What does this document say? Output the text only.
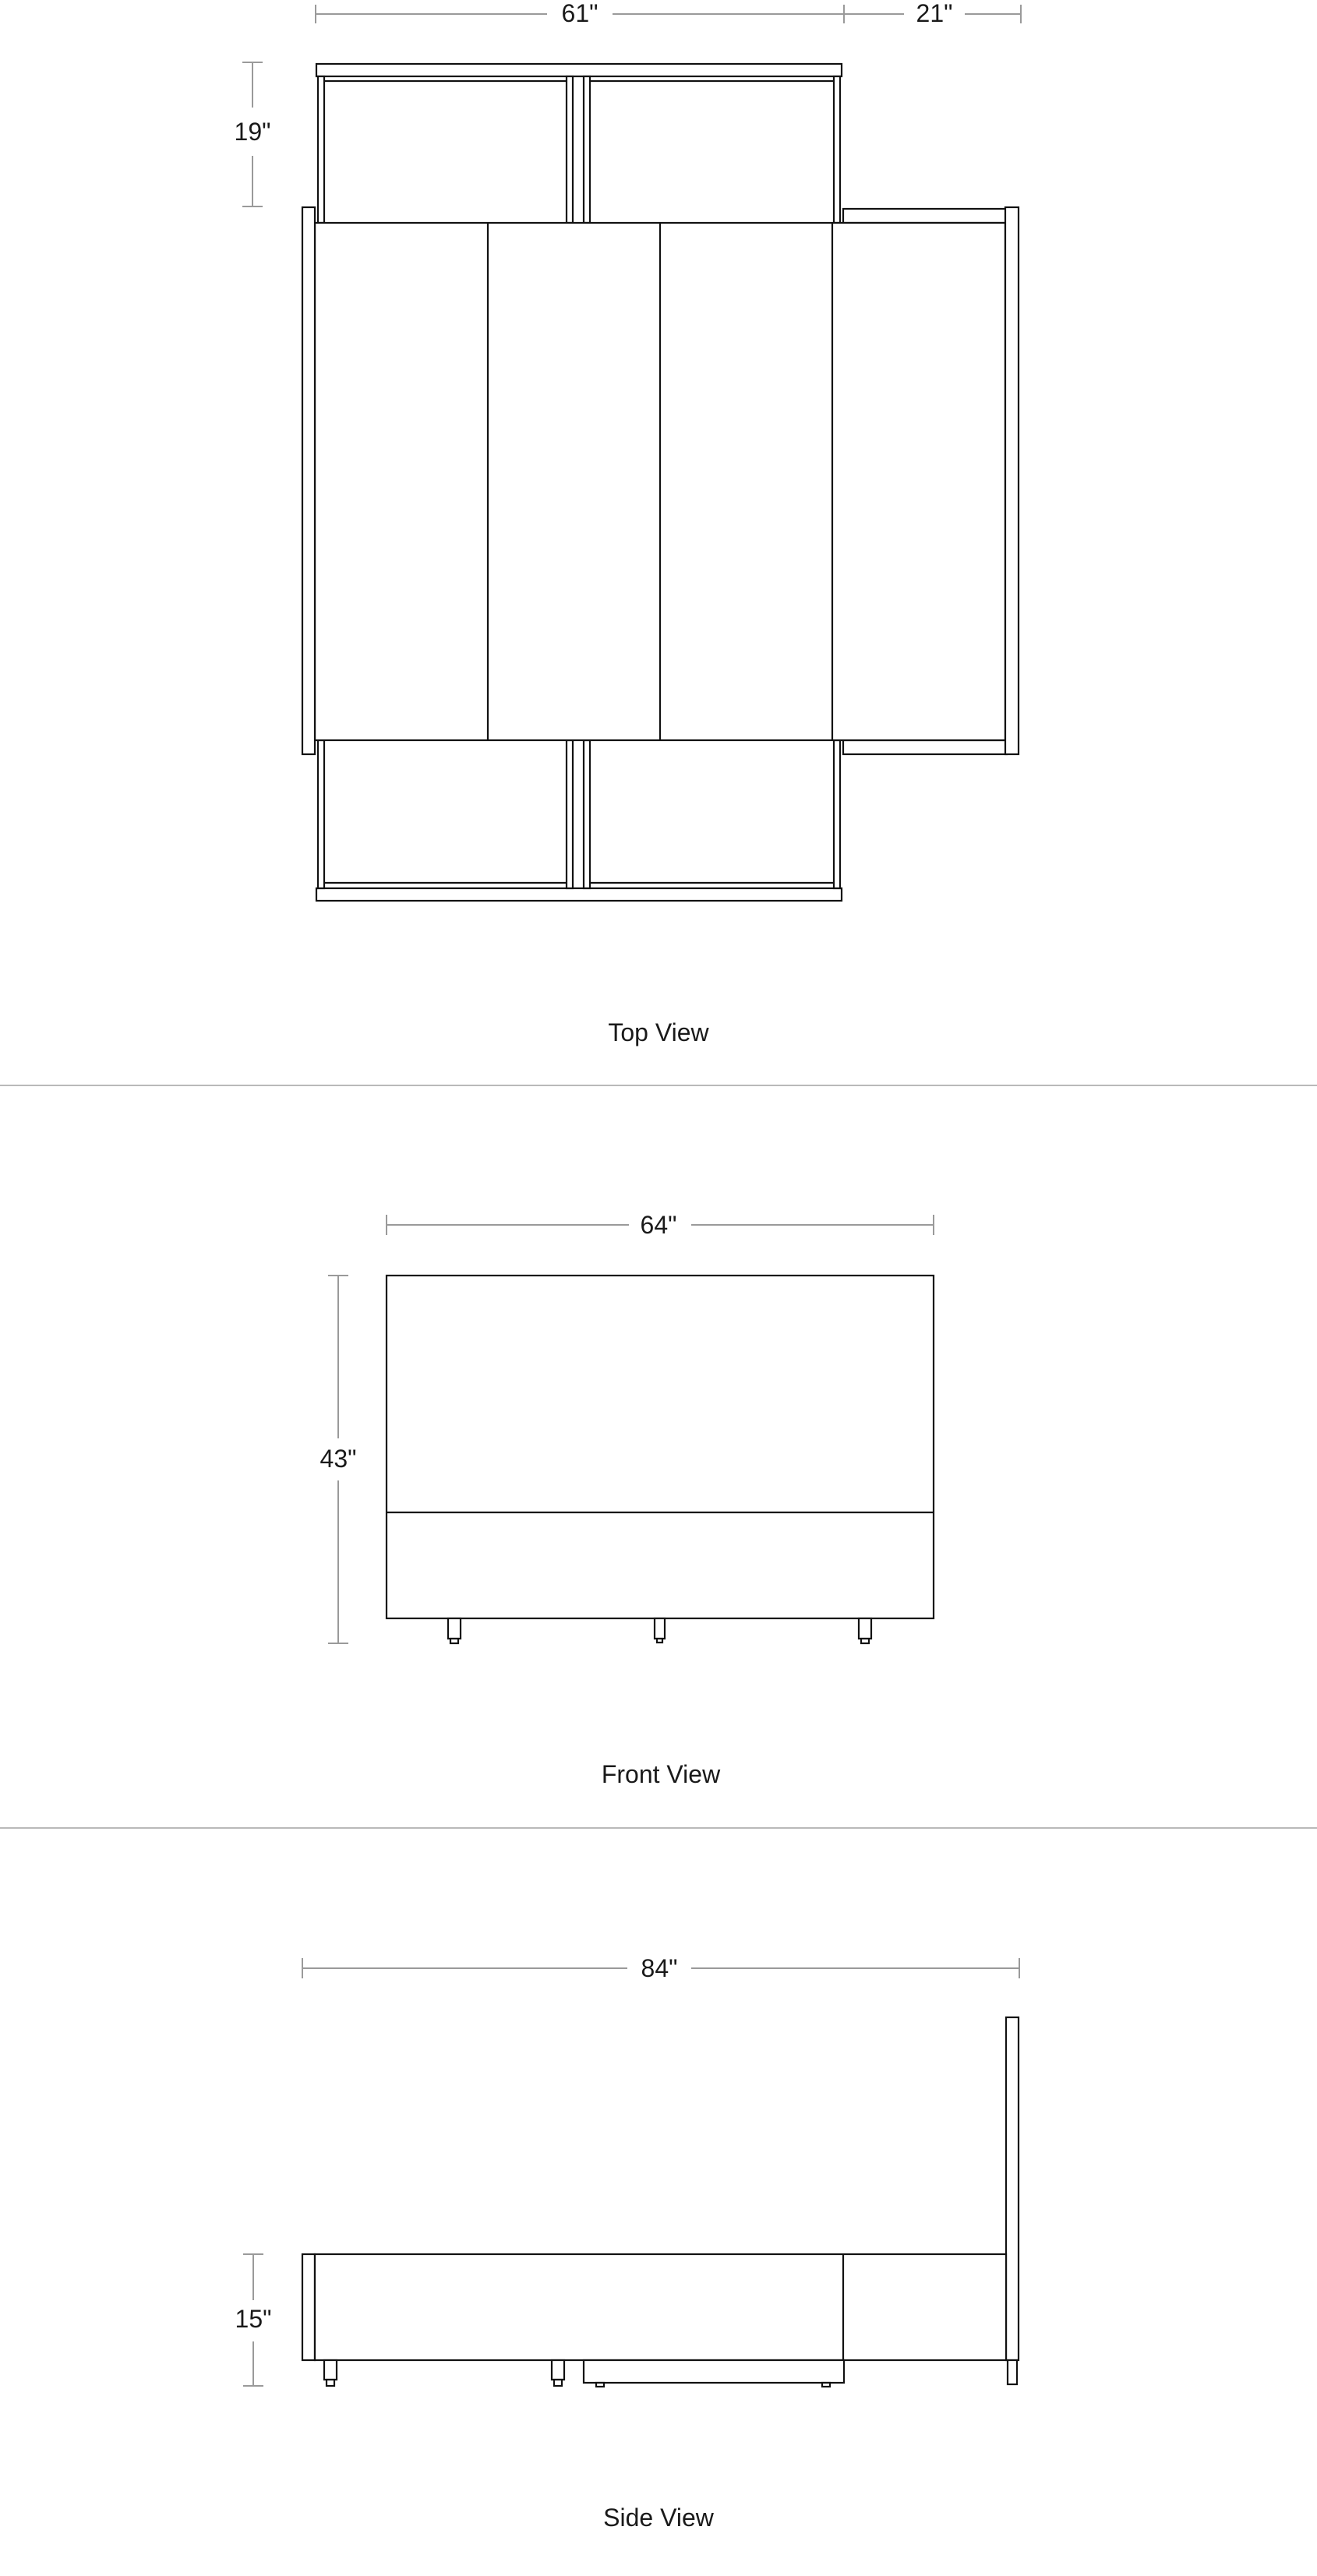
61"	21"
19"
Top View
64"
43"
Front View
84"
15"
Side View
